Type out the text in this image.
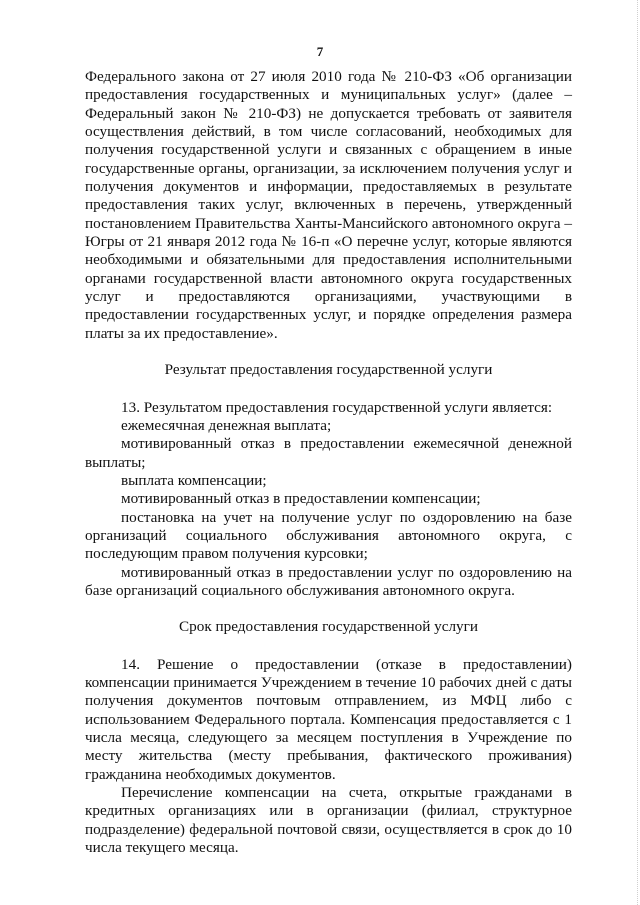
7

Федерального закона от 27 июля 2010 года № 210-ФЗ «Об организации предоставления государственных и муниципальных услуг» (далее – Федеральный закон № 210-ФЗ) не допускается требовать от заявителя осуществления действий, в том числе согласований, необходимых для получения государственной услуги и связанных с обращением в иные государственные органы, организации, за исключением получения услуг и получения документов и информации, предоставляемых в результате предоставления таких услуг, включенных в перечень, утвержденный постановлением Правительства Ханты-Мансийского автономного округа – Югры от 21 января 2012 года № 16-п «О перечне услуг, которые являются необходимыми и обязательными для предоставления исполнительными органами государственной власти автономного округа государственных услуг и предоставляются организациями, участвующими в предоставлении государственных услуг, и порядке определения размера платы за их предоставление».

Результат предоставления государственной услуги

13. Результатом предоставления государственной услуги является:

ежемесячная денежная выплата;

мотивированный отказ в предоставлении ежемесячной денежной выплаты;

выплата компенсации;

мотивированный отказ в предоставлении компенсации;

постановка на учет на получение услуг по оздоровлению на базе организаций социального обслуживания автономного округа, с последующим правом получения курсовки;

мотивированный отказ в предоставлении услуг по оздоровлению на базе организаций социального обслуживания автономного округа.

Срок предоставления государственной услуги

14. Решение о предоставлении (отказе в предоставлении) компенсации принимается Учреждением в течение 10 рабочих дней с даты получения документов почтовым отправлением, из МФЦ либо с использованием Федерального портала. Компенсация предоставляется с 1 числа месяца, следующего за месяцем поступления в Учреждение по месту жительства (месту пребывания, фактического проживания) гражданина необходимых документов.

Перечисление компенсации на счета, открытые гражданами в кредитных организациях или в организации (филиал, структурное подразделение) федеральной почтовой связи, осуществляется в срок до 10 числа текущего месяца.
